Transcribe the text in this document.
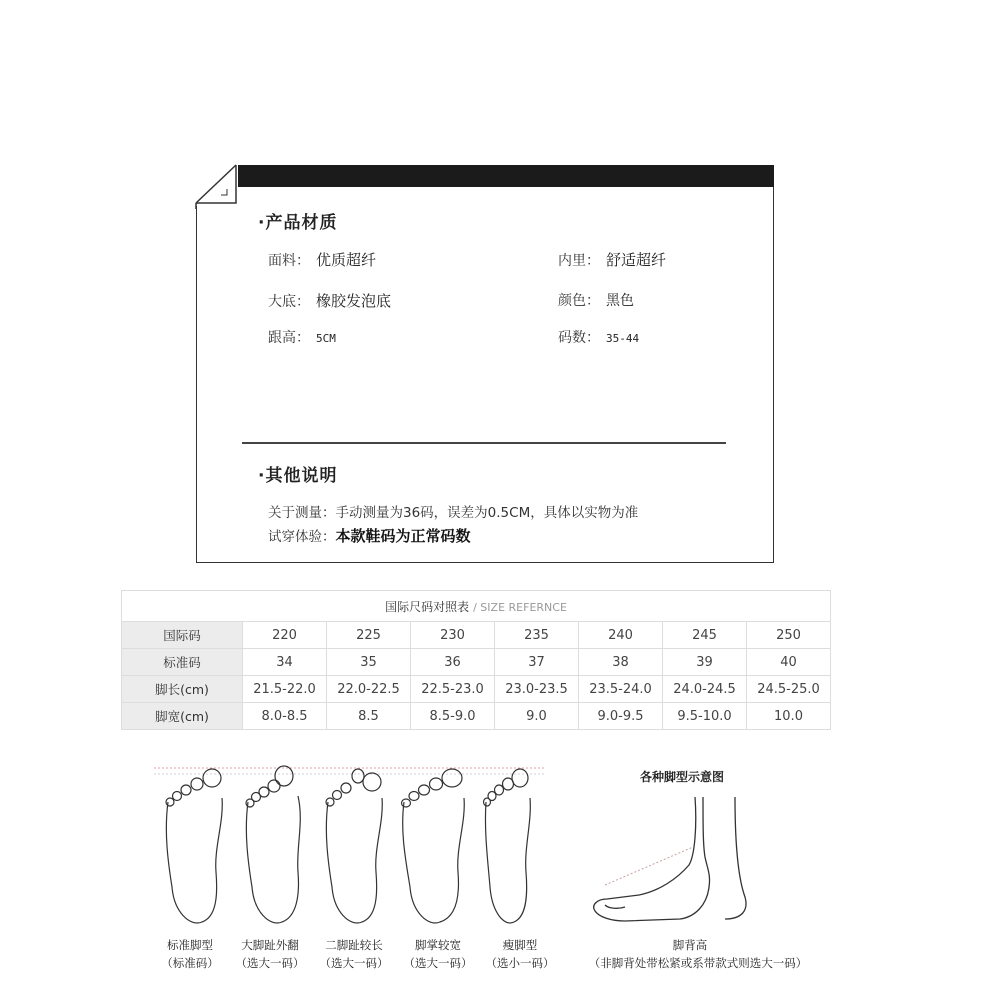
·产品材质
面料： 优质超纤	内里： 舒适超纤
大底： 橡胶发泡底	颜色： 黑色
跟高： 5CM	码数： 35-44
·其他说明
关于测量：手动测量为36码，误差为0.5CM，具体以实物为准
试穿体验：本款鞋码为正常码数
国际尺码对照表 / SIZE REFERNCE							
国际码	220	225	230	235	240	245	250
标准码	34	35	36	37	38	39	40
脚长(cm)	21.5-22.0	22.0-22.5	22.5-23.0	23.0-23.5	23.5-24.0	24.0-24.5	24.5-25.0
脚宽(cm)	8.0-8.5	8.5	8.5-9.0	9.0	9.0-9.5	9.5-10.0	10.0
标准脚型
（标准码）
大脚趾外翻
（选大一码）
二脚趾较长
（选大一码）
脚掌较宽
（选大一码）
瘦脚型
（选小一码）
各种脚型示意图
脚背高
（非脚背处带松紧或系带款式则选大一码）
